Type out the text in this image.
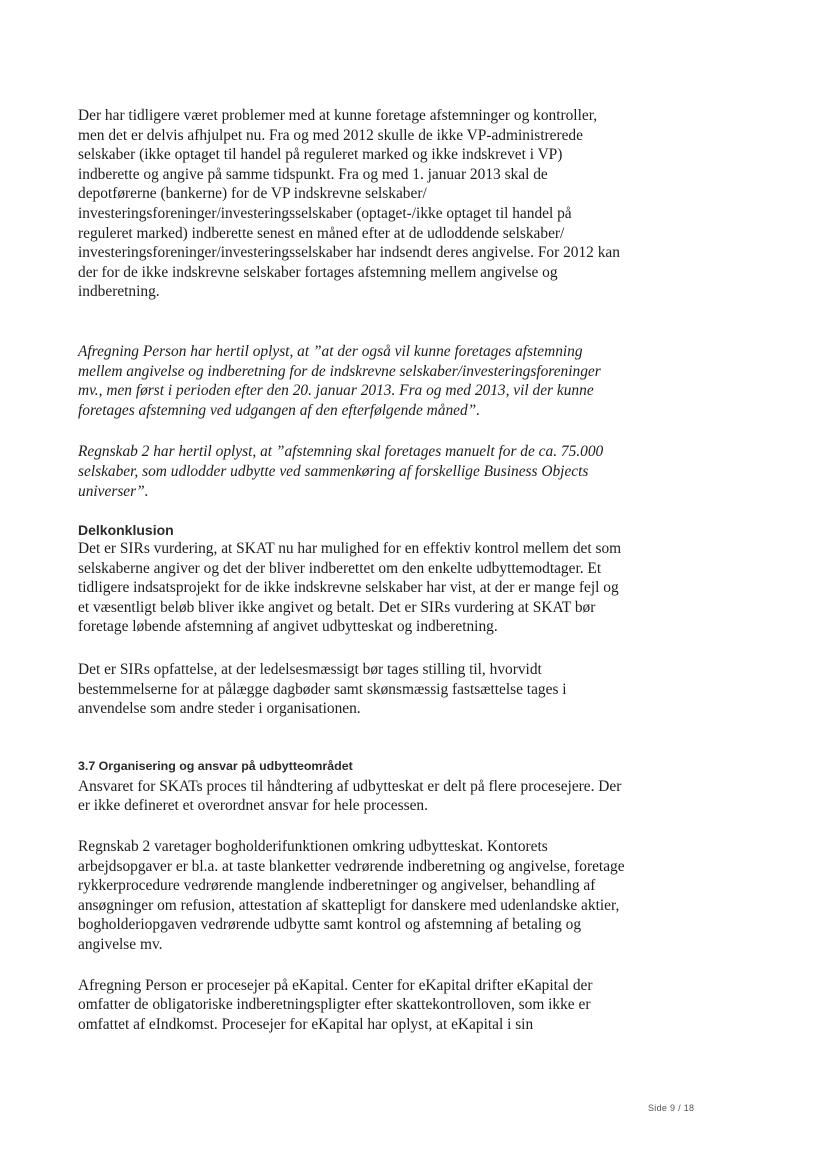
Der har tidligere været problemer med at kunne foretage afstemninger og kontroller, men det er delvis afhjulpet nu. Fra og med 2012 skulle de ikke VP-administrerede selskaber (ikke optaget til handel på reguleret marked og ikke indskrevet i VP) indberette og angive på samme tidspunkt. Fra og med 1. januar 2013 skal de depotførerne (bankerne) for de VP indskrevne selskaber/ investeringsforeninger/investeringsselskaber (optaget-/ikke optaget til handel på reguleret marked) indberette senest en måned efter at de udloddende selskaber/ investeringsforeninger/investeringsselskaber har indsendt deres angivelse. For 2012 kan der for de ikke indskrevne selskaber fortages afstemning mellem angivelse og indberetning.

Afregning Person har hertil oplyst, at ”at der også vil kunne foretages afstemning mellem angivelse og indberetning for de indskrevne selskaber/investeringsforeninger mv., men først i perioden efter den 20. januar 2013. Fra og med 2013, vil der kunne foretages afstemning ved udgangen af den efterfølgende måned”.

Regnskab 2 har hertil oplyst, at ”afstemning skal foretages manuelt for de ca. 75.000 selskaber, som udlodder udbytte ved sammenkøring af forskellige Business Objects universer”.

Delkonklusion

Det er SIRs vurdering, at SKAT nu har mulighed for en effektiv kontrol mellem det som selskaberne angiver og det der bliver indberettet om den enkelte udbyttemodtager. Et tidligere indsatsprojekt for de ikke indskrevne selskaber har vist, at der er mange fejl og et væsentligt beløb bliver ikke angivet og betalt. Det er SIRs vurdering at SKAT bør foretage løbende afstemning af angivet udbytteskat og indberetning.

Det er SIRs opfattelse, at der ledelsesmæssigt bør tages stilling til, hvorvidt bestemmelserne for at pålægge dagbøder samt skønsmæssig fastsættelse tages i anvendelse som andre steder i organisationen.

3.7 Organisering og ansvar på udbytteområdet

Ansvaret for SKATs proces til håndtering af udbytteskat er delt på flere procesejere. Der er ikke defineret et overordnet ansvar for hele processen.

Regnskab 2 varetager bogholderifunktionen omkring udbytteskat. Kontorets arbejdsopgaver er bl.a. at taste blanketter vedrørende indberetning og angivelse, foretage rykkerprocedure vedrørende manglende indberetninger og angivelser, behandling af ansøgninger om refusion, attestation af skattepligt for danskere med udenlandske aktier, bogholderiopgaven vedrørende udbytte samt kontrol og afstemning af betaling og angivelse mv.

Afregning Person er procesejer på eKapital. Center for eKapital drifter eKapital der omfatter de obligatoriske indberetningspligter efter skattekontrolloven, som ikke er omfattet af eIndkomst. Procesejer for eKapital har oplyst, at eKapital i sin

Side 9 / 18
